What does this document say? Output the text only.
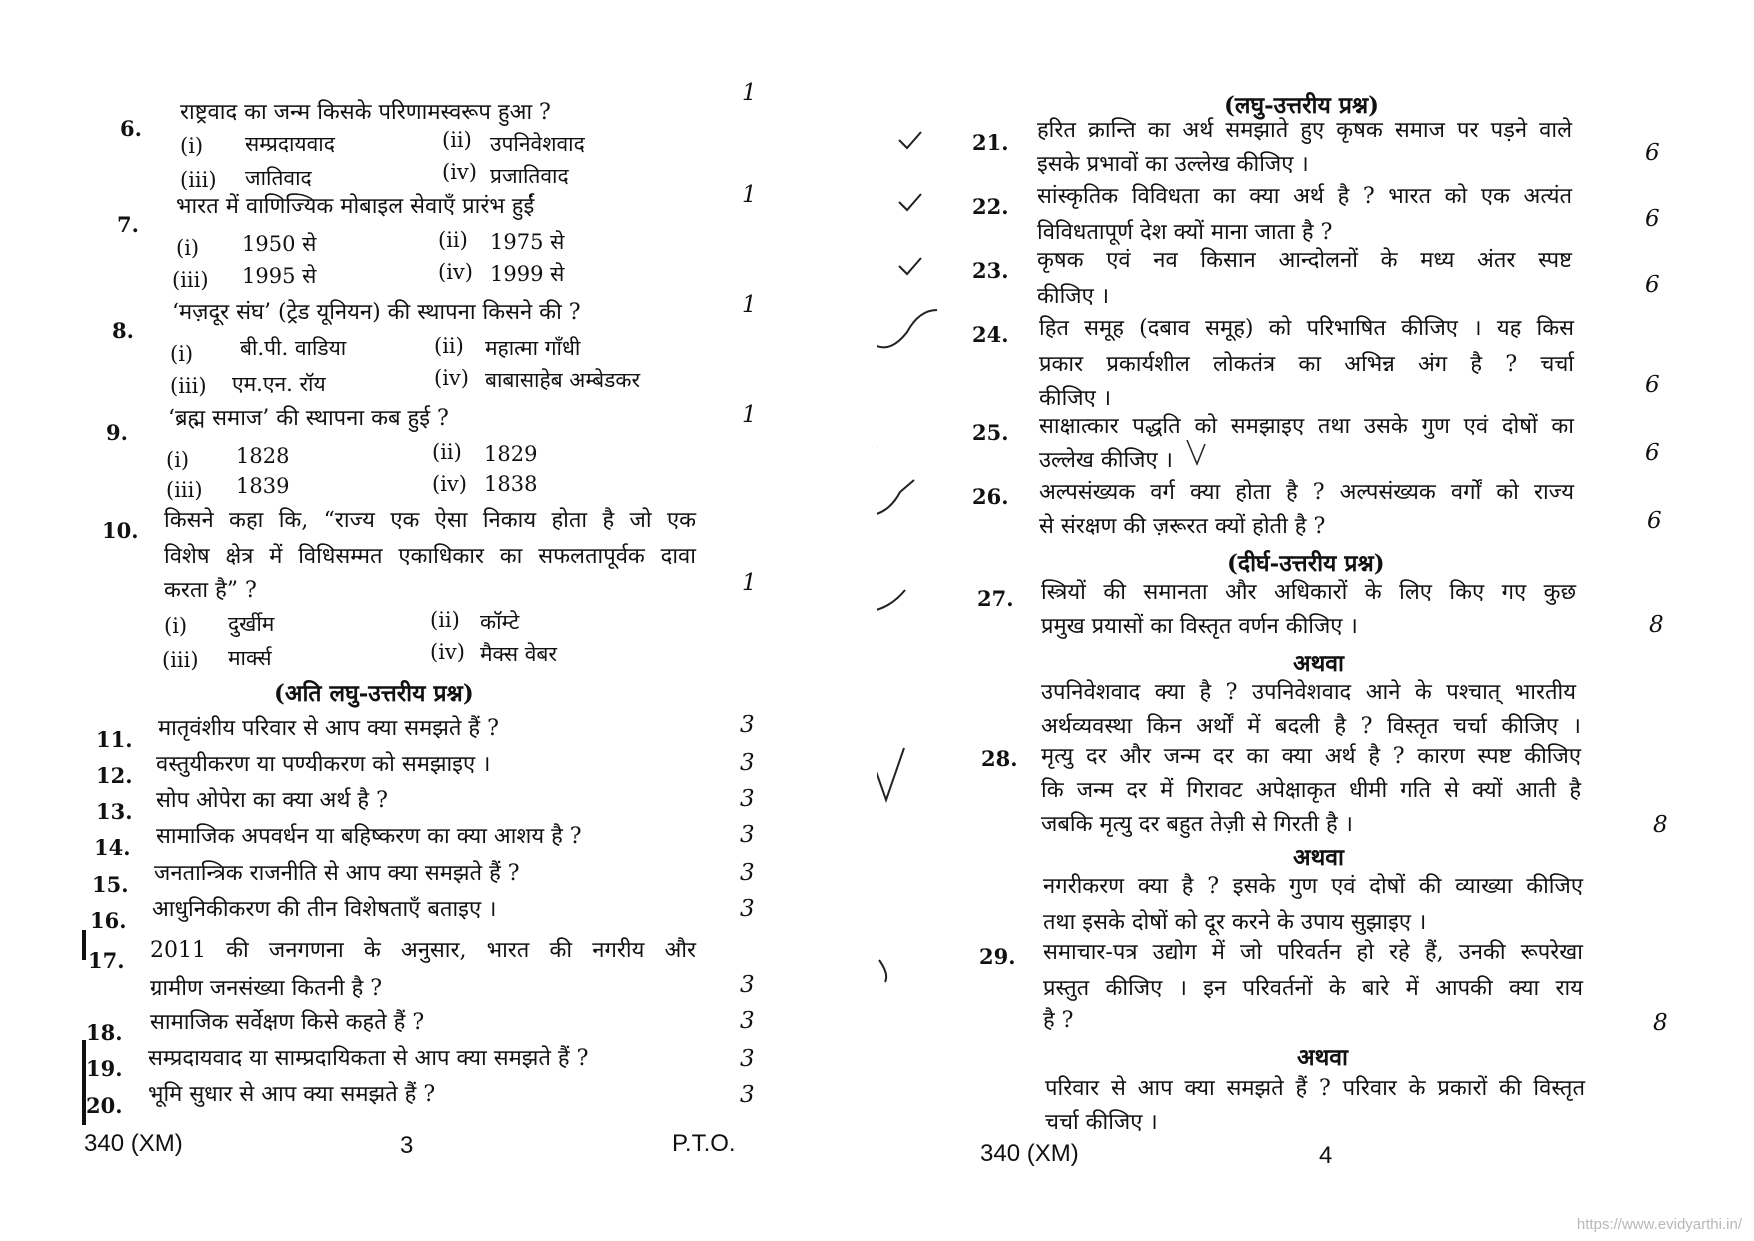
6.
राष्ट्रवाद का जन्म किसके परिणामस्वरूप हुआ ?
1
(i) सम्प्रदायवाद	(ii) उपनिवेशवाद
(iii) जातिवाद	(iv) प्रजातिवाद
7.
भारत में वाणिज्यिक मोबाइल सेवाएँ प्रारंभ हुईं	1
(i) 1950 से	(ii) 1975 से
(iii) 1995 से	(iv) 1999 से
8.
‘मज़दूर संघ’ (ट्रेड यूनियन) की स्थापना किसने की ?	1
(i) बी.पी. वाडिया	(ii) महात्मा गाँधी
(iii) एम.एन. रॉय	(iv) बाबासाहेब अम्बेडकर
9.
‘ब्रह्म समाज’ की स्थापना कब हुई ?	1
(i) 1828	(ii) 1829
(iii) 1839	(iv) 1838
10. किसने कहा कि, “राज्य एक ऐसा निकाय होता है जो एक
विशेष क्षेत्र में विधिसम्मत एकाधिकार का सफलतापूर्वक दावा
करता है” ?	1
(i) दुर्खीम	(ii) कॉम्टे
(iii) मार्क्स	(iv) मैक्स वेबर
(अति लघु-उत्तरीय प्रश्न)
11. मातृवंशीय परिवार से आप क्या समझते हैं ?	3
12. वस्तुयीकरण या पण्यीकरण को समझाइए ।	3
13. सोप ओपेरा का क्या अर्थ है ?	3
14. सामाजिक अपवर्धन या बहिष्करण का क्या आशय है ?	3
15. जनतान्त्रिक राजनीति से आप क्या समझते हैं ?	3
16. आधुनिकीकरण की तीन विशेषताएँ बताइए ।	3
17. 2011 की जनगणना के अनुसार, भारत की नगरीय और
ग्रामीण जनसंख्या कितनी है ?	3
18. सामाजिक सर्वेक्षण किसे कहते हैं ?	3
19. सम्प्रदायवाद या साम्प्रदायिकता से आप क्या समझते हैं ?	3
20. भूमि सुधार से आप क्या समझते हैं ?	3
340 (XM)	3	P.T.O.
(लघु-उत्तरीय प्रश्न)
21. हरित क्रान्ति का अर्थ समझाते हुए कृषक समाज पर पड़ने वाले
इसके प्रभावों का उल्लेख कीजिए ।	6
22. सांस्कृतिक विविधता का क्या अर्थ है ? भारत को एक अत्यंत
विविधतापूर्ण देश क्यों माना जाता है ?
6
23. कृषक एवं नव किसान आन्दोलनों के मध्य अंतर स्पष्ट
कीजिए ।	6
24. हित समूह (दबाव समूह) को परिभाषित कीजिए । यह किस
प्रकार प्रकार्यशील लोकतंत्र का अभिन्न अंग है ? चर्चा
कीजिए ।
6
25. साक्षात्कार पद्धति को समझाइए तथा उसके गुण एवं दोषों का
उल्लेख कीजिए ।	6
26. अल्पसंख्यक वर्ग क्या होता है ? अल्पसंख्यक वर्गों को राज्य
से संरक्षण की ज़रूरत क्यों होती है ?	6
(दीर्घ-उत्तरीय प्रश्न)
27. स्त्रियों की समानता और अधिकारों के लिए किए गए कुछ
प्रमुख प्रयासों का विस्तृत वर्णन कीजिए ।	8
अथवा
उपनिवेशवाद क्या है ? उपनिवेशवाद आने के पश्चात् भारतीय
अर्थव्यवस्था किन अर्थों में बदली है ? विस्तृत चर्चा कीजिए ।
28. मृत्यु दर और जन्म दर का क्या अर्थ है ? कारण स्पष्ट कीजिए
कि जन्म दर में गिरावट अपेक्षाकृत धीमी गति से क्यों आती है
जबकि मृत्यु दर बहुत तेज़ी से गिरती है ।	8
अथवा
नगरीकरण क्या है ? इसके गुण एवं दोषों की व्याख्या कीजिए
तथा इसके दोषों को दूर करने के उपाय सुझाइए ।
29. समाचार-पत्र उद्योग में जो परिवर्तन हो रहे हैं, उनकी रूपरेखा
प्रस्तुत कीजिए । इन परिवर्तनों के बारे में आपकी क्या राय
है ?	8
अथवा
परिवार से आप क्या समझते हैं ? परिवार के प्रकारों की विस्तृत
चर्चा कीजिए ।
340 (XM)	4
https://www.evidyarthi.in/
